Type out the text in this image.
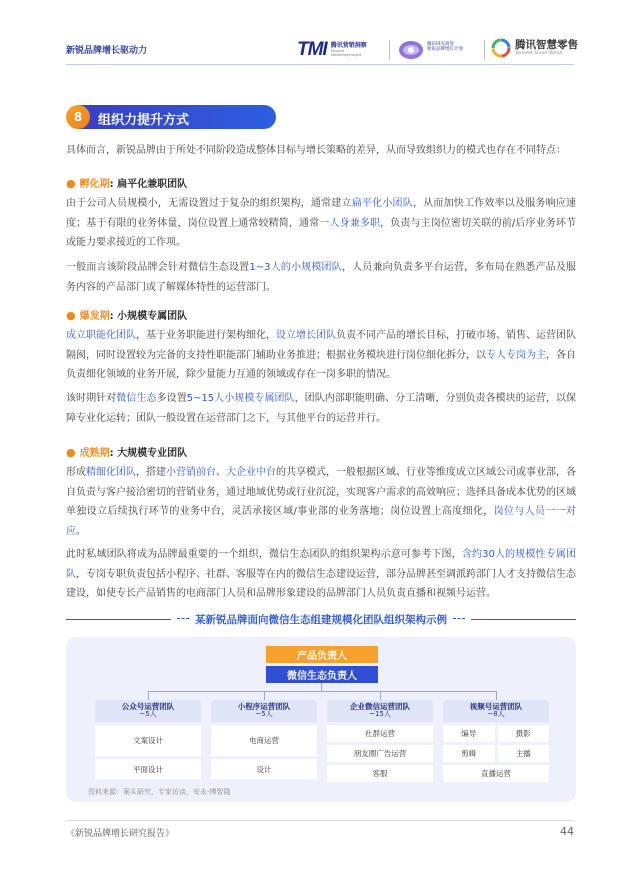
新锐品牌增长驱动力	TMI 腾讯营销洞察
Tencent
Marketing Insight
腾讯域见商誉
新锐品牌增长计划	腾讯智慧零售
Tencent Smart Retail
8	组织力提升方式
具体而言，新锐品牌由于所处不同阶段造成整体目标与增长策略的差异，从而导致组织力的模式也存在不同特点：
● 孵化期: 扁平化兼职团队
由于公司人员规模小，无需设置过于复杂的组织架构，通常建立扁平化小团队，从而加快工作效率以及服务响应速度；基于有限的业务体量，岗位设置上通常较精简，通常一人身兼多职，负责与主岗位密切关联的前/后序业务环节或能力要求接近的工作项。
一般而言该阶段品牌会针对微信生态设置1~3人的小规模团队，人员兼向负责多平台运营，多布局在熟悉产品及服务内容的产品部门或了解媒体特性的运营部门。
● 爆发期: 小规模专属团队
成立职能化团队，基于业务职能进行架构细化，设立增长团队负责不同产品的增长目标，打破市场、销售、运营团队隔阂，同时设置较为完备的支持性职能部门辅助业务推进；根据业务模块进行岗位细化拆分，以专人专岗为主，各自负责细化领域的业务开展，除少量能力互通的领域或存在一岗多职的情况。
该时期针对微信生态多设置5~15人小规模专属团队，团队内部职能明确、分工清晰，分别负责各模块的运营，以保障专业化运转；团队一般设置在运营部门之下，与其他平台的运营并行。
● 成熟期: 大规模专业团队
形成精细化团队，搭建小营销前台、大企业中台的共享模式，一般根据区域、行业等维度成立区域公司或事业部，各自负责与客户接洽密切的营销业务，通过地域优势或行业沉淀，实现客户需求的高效响应；选择具备成本优势的区域单独设立后续执行环节的业务中台，灵活承接区域/事业部的业务落地；岗位设置上高度细化，岗位与人员一一对应。
此时私域团队将成为品牌最重要的一个组织，微信生态团队的组织架构示意可参考下图，含约30人的规模性专属团队，专岗专职负责包括小程序、社群、客服等在内的微信生态建设运营，部分品牌甚至调派跨部门人才支持微信生态建设，如使专长产品销售的电商部门人员和品牌形象建设的品牌部门人员负责直播和视频号运营。
某新锐品牌面向微信生态组建规模化团队组织架构示例
产品负责人
微信生态负责人
公众号运营团队
~5人
文案设计
平面设计
小程序运营团队
~5人
电商运营
设计
企业微信运营团队
~15人
社群运营
朋友圈广告运营
客服
视频号运营团队
~8人
编导	摄影
剪辑	主播
直播运营
资料来源：案头研究，专家访谈，安永-博智隆
《新锐品牌增长研究报告》	44
